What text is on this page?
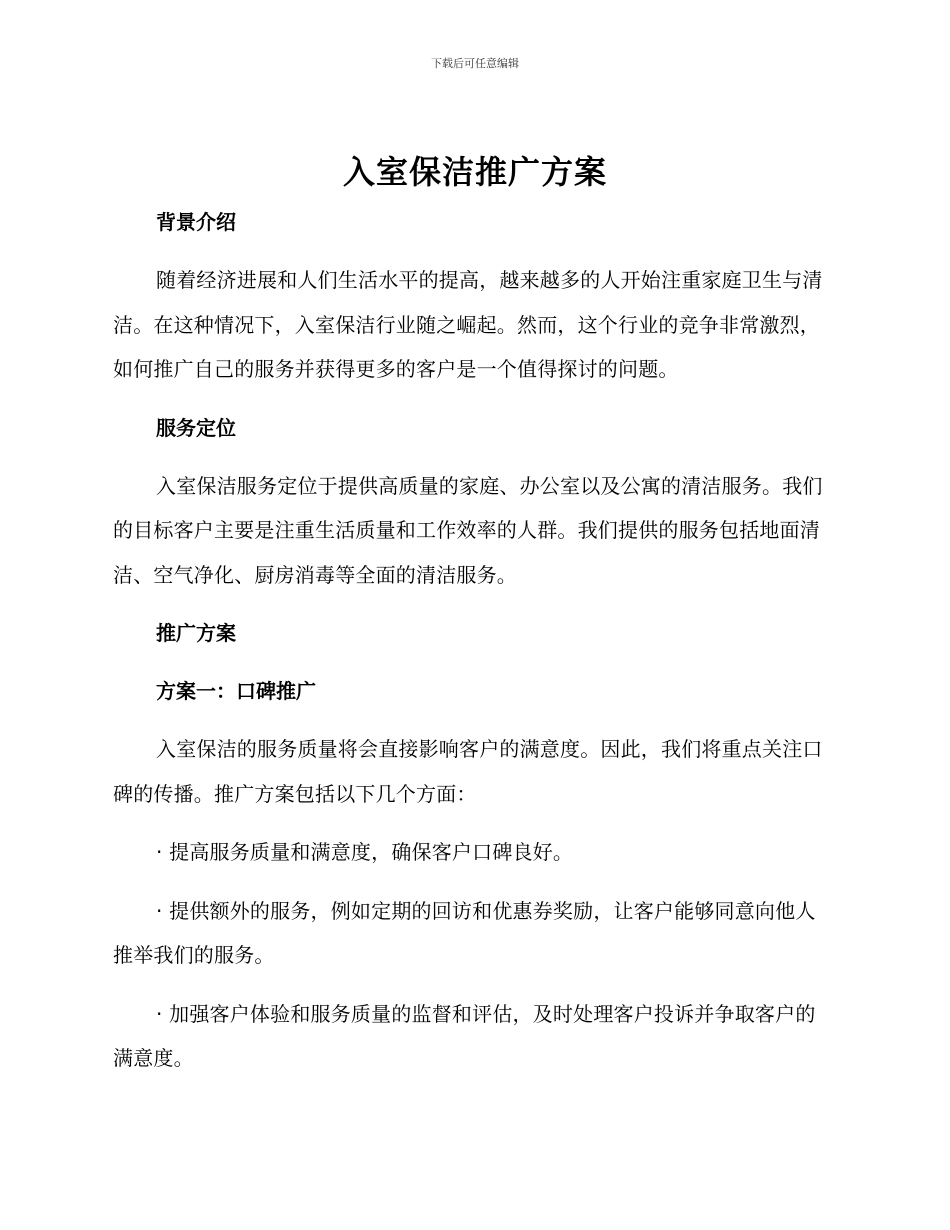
下载后可任意编辑
入室保洁推广方案

背景介绍

随着经济进展和人们生活水平的提高，越来越多的人开始注重家庭卫生与清洁。在这种情况下，入室保洁行业随之崛起。然而，这个行业的竞争非常激烈，如何推广自己的服务并获得更多的客户是一个值得探讨的问题。

服务定位

入室保洁服务定位于提供高质量的家庭、办公室以及公寓的清洁服务。我们的目标客户主要是注重生活质量和工作效率的人群。我们提供的服务包括地面清洁、空气净化、厨房消毒等全面的清洁服务。

推广方案

方案一：口碑推广

入室保洁的服务质量将会直接影响客户的满意度。因此，我们将重点关注口碑的传播。推广方案包括以下几个方面：

· 提高服务质量和满意度，确保客户口碑良好。

· 提供额外的服务，例如定期的回访和优惠券奖励，让客户能够同意向他人推举我们的服务。

· 加强客户体验和服务质量的监督和评估，及时处理客户投诉并争取客户的满意度。
